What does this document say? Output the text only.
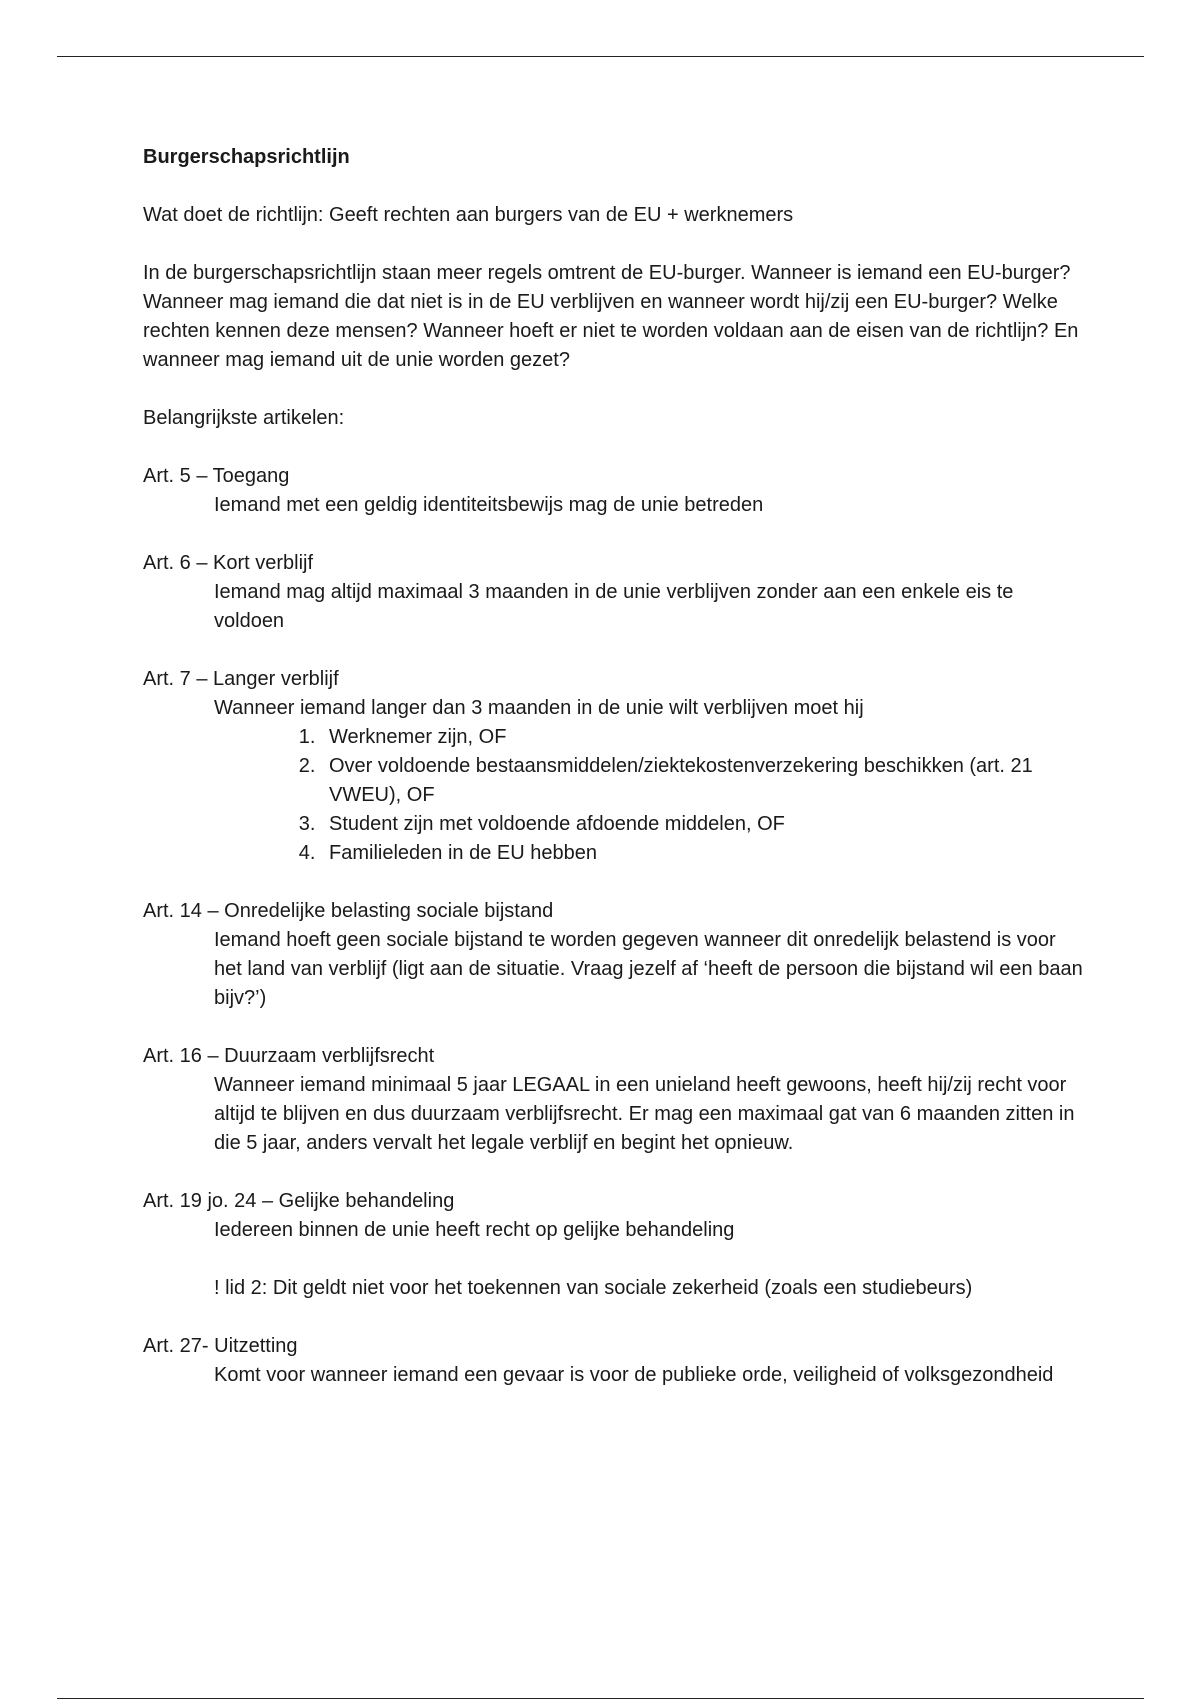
Burgerschapsrichtlijn

Wat doet de richtlijn: Geeft rechten aan burgers van de EU + werknemers

In de burgerschapsrichtlijn staan meer regels omtrent de EU-burger. Wanneer is iemand een EU-burger? Wanneer mag iemand die dat niet is in de EU verblijven en wanneer wordt hij/zij een EU-burger? Welke rechten kennen deze mensen? Wanneer hoeft er niet te worden voldaan aan de eisen van de richtlijn? En wanneer mag iemand uit de unie worden gezet?

Belangrijkste artikelen:

Art. 5 – Toegang
Iemand met een geldig identiteitsbewijs mag de unie betreden
Art. 6 – Kort verblijf
Iemand mag altijd maximaal 3 maanden in de unie verblijven zonder aan een enkele eis te voldoen
Art. 7 – Langer verblijf
Wanneer iemand langer dan 3 maanden in de unie wilt verblijven moet hij
1. Werknemer zijn, OF
2. Over voldoende bestaansmiddelen/ziektekostenverzekering beschikken (art. 21 VWEU), OF
3. Student zijn met voldoende afdoende middelen, OF
4. Familieleden in de EU hebben
Art. 14 – Onredelijke belasting sociale bijstand
Iemand hoeft geen sociale bijstand te worden gegeven wanneer dit onredelijk belastend is voor het land van verblijf (ligt aan de situatie. Vraag jezelf af ‘heeft de persoon die bijstand wil een baan bijv?’)
Art. 16 – Duurzaam verblijfsrecht
Wanneer iemand minimaal 5 jaar LEGAAL in een unieland heeft gewoons, heeft hij/zij recht voor altijd te blijven en dus duurzaam verblijfsrecht. Er mag een maximaal gat van 6 maanden zitten in die 5 jaar, anders vervalt het legale verblijf en begint het opnieuw.
Art. 19 jo. 24 – Gelijke behandeling
Iedereen binnen de unie heeft recht op gelijke behandeling
! lid 2: Dit geldt niet voor het toekennen van sociale zekerheid (zoals een studiebeurs)
Art. 27- Uitzetting
Komt voor wanneer iemand een gevaar is voor de publieke orde, veiligheid of volksgezondheid
